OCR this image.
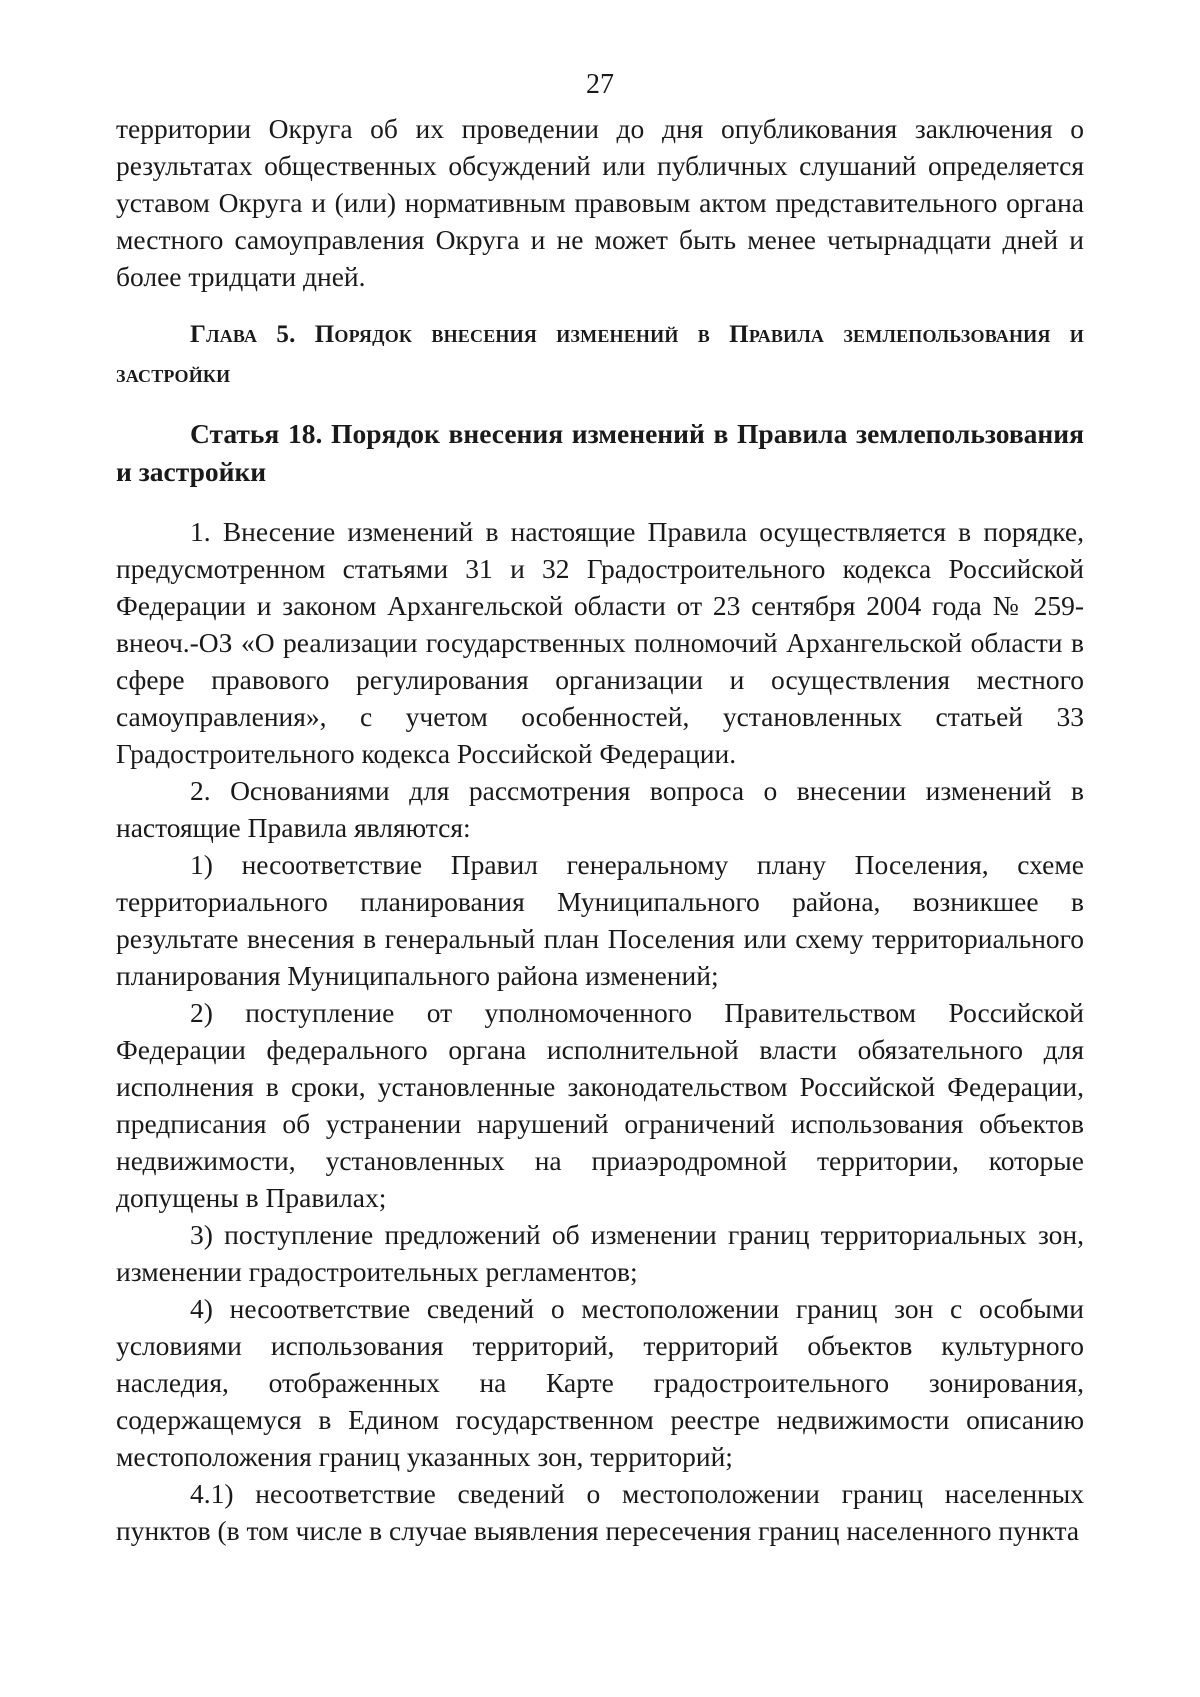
27

территории Округа об их проведении до дня опубликования заключения о результатах общественных обсуждений или публичных слушаний определяется уставом Округа и (или) нормативным правовым актом представительного органа местного самоуправления Округа и не может быть менее четырнадцати дней и более тридцати дней.

Глава 5. Порядок внесения изменений в Правила землепользования и застройки

Статья 18. Порядок внесения изменений в Правила землепользования и застройки

1. Внесение изменений в настоящие Правила осуществляется в порядке, предусмотренном статьями 31 и 32 Градостроительного кодекса Российской Федерации и законом Архангельской области от 23 сентября 2004 года № 259-внеоч.-ОЗ «О реализации государственных полномочий Архангельской области в сфере правового регулирования организации и осуществления местного самоуправления», с учетом особенностей, установленных статьей 33 Градостроительного кодекса Российской Федерации.

2. Основаниями для рассмотрения вопроса о внесении изменений в настоящие Правила являются:

1) несоответствие Правил генеральному плану Поселения, схеме территориального планирования Муниципального района, возникшее в результате внесения в генеральный план Поселения или схему территориального планирования Муниципального района изменений;

2) поступление от уполномоченного Правительством Российской Федерации федерального органа исполнительной власти обязательного для исполнения в сроки, установленные законодательством Российской Федерации, предписания об устранении нарушений ограничений использования объектов недвижимости, установленных на приаэродромной территории, которые допущены в Правилах;

3) поступление предложений об изменении границ территориальных зон, изменении градостроительных регламентов;

4) несоответствие сведений о местоположении границ зон с особыми условиями использования территорий, территорий объектов культурного наследия, отображенных на Карте градостроительного зонирования, содержащемуся в Едином государственном реестре недвижимости описанию местоположения границ указанных зон, территорий;

4.1) несоответствие сведений о местоположении границ населенных пунктов (в том числе в случае выявления пересечения границ населенного пункта
